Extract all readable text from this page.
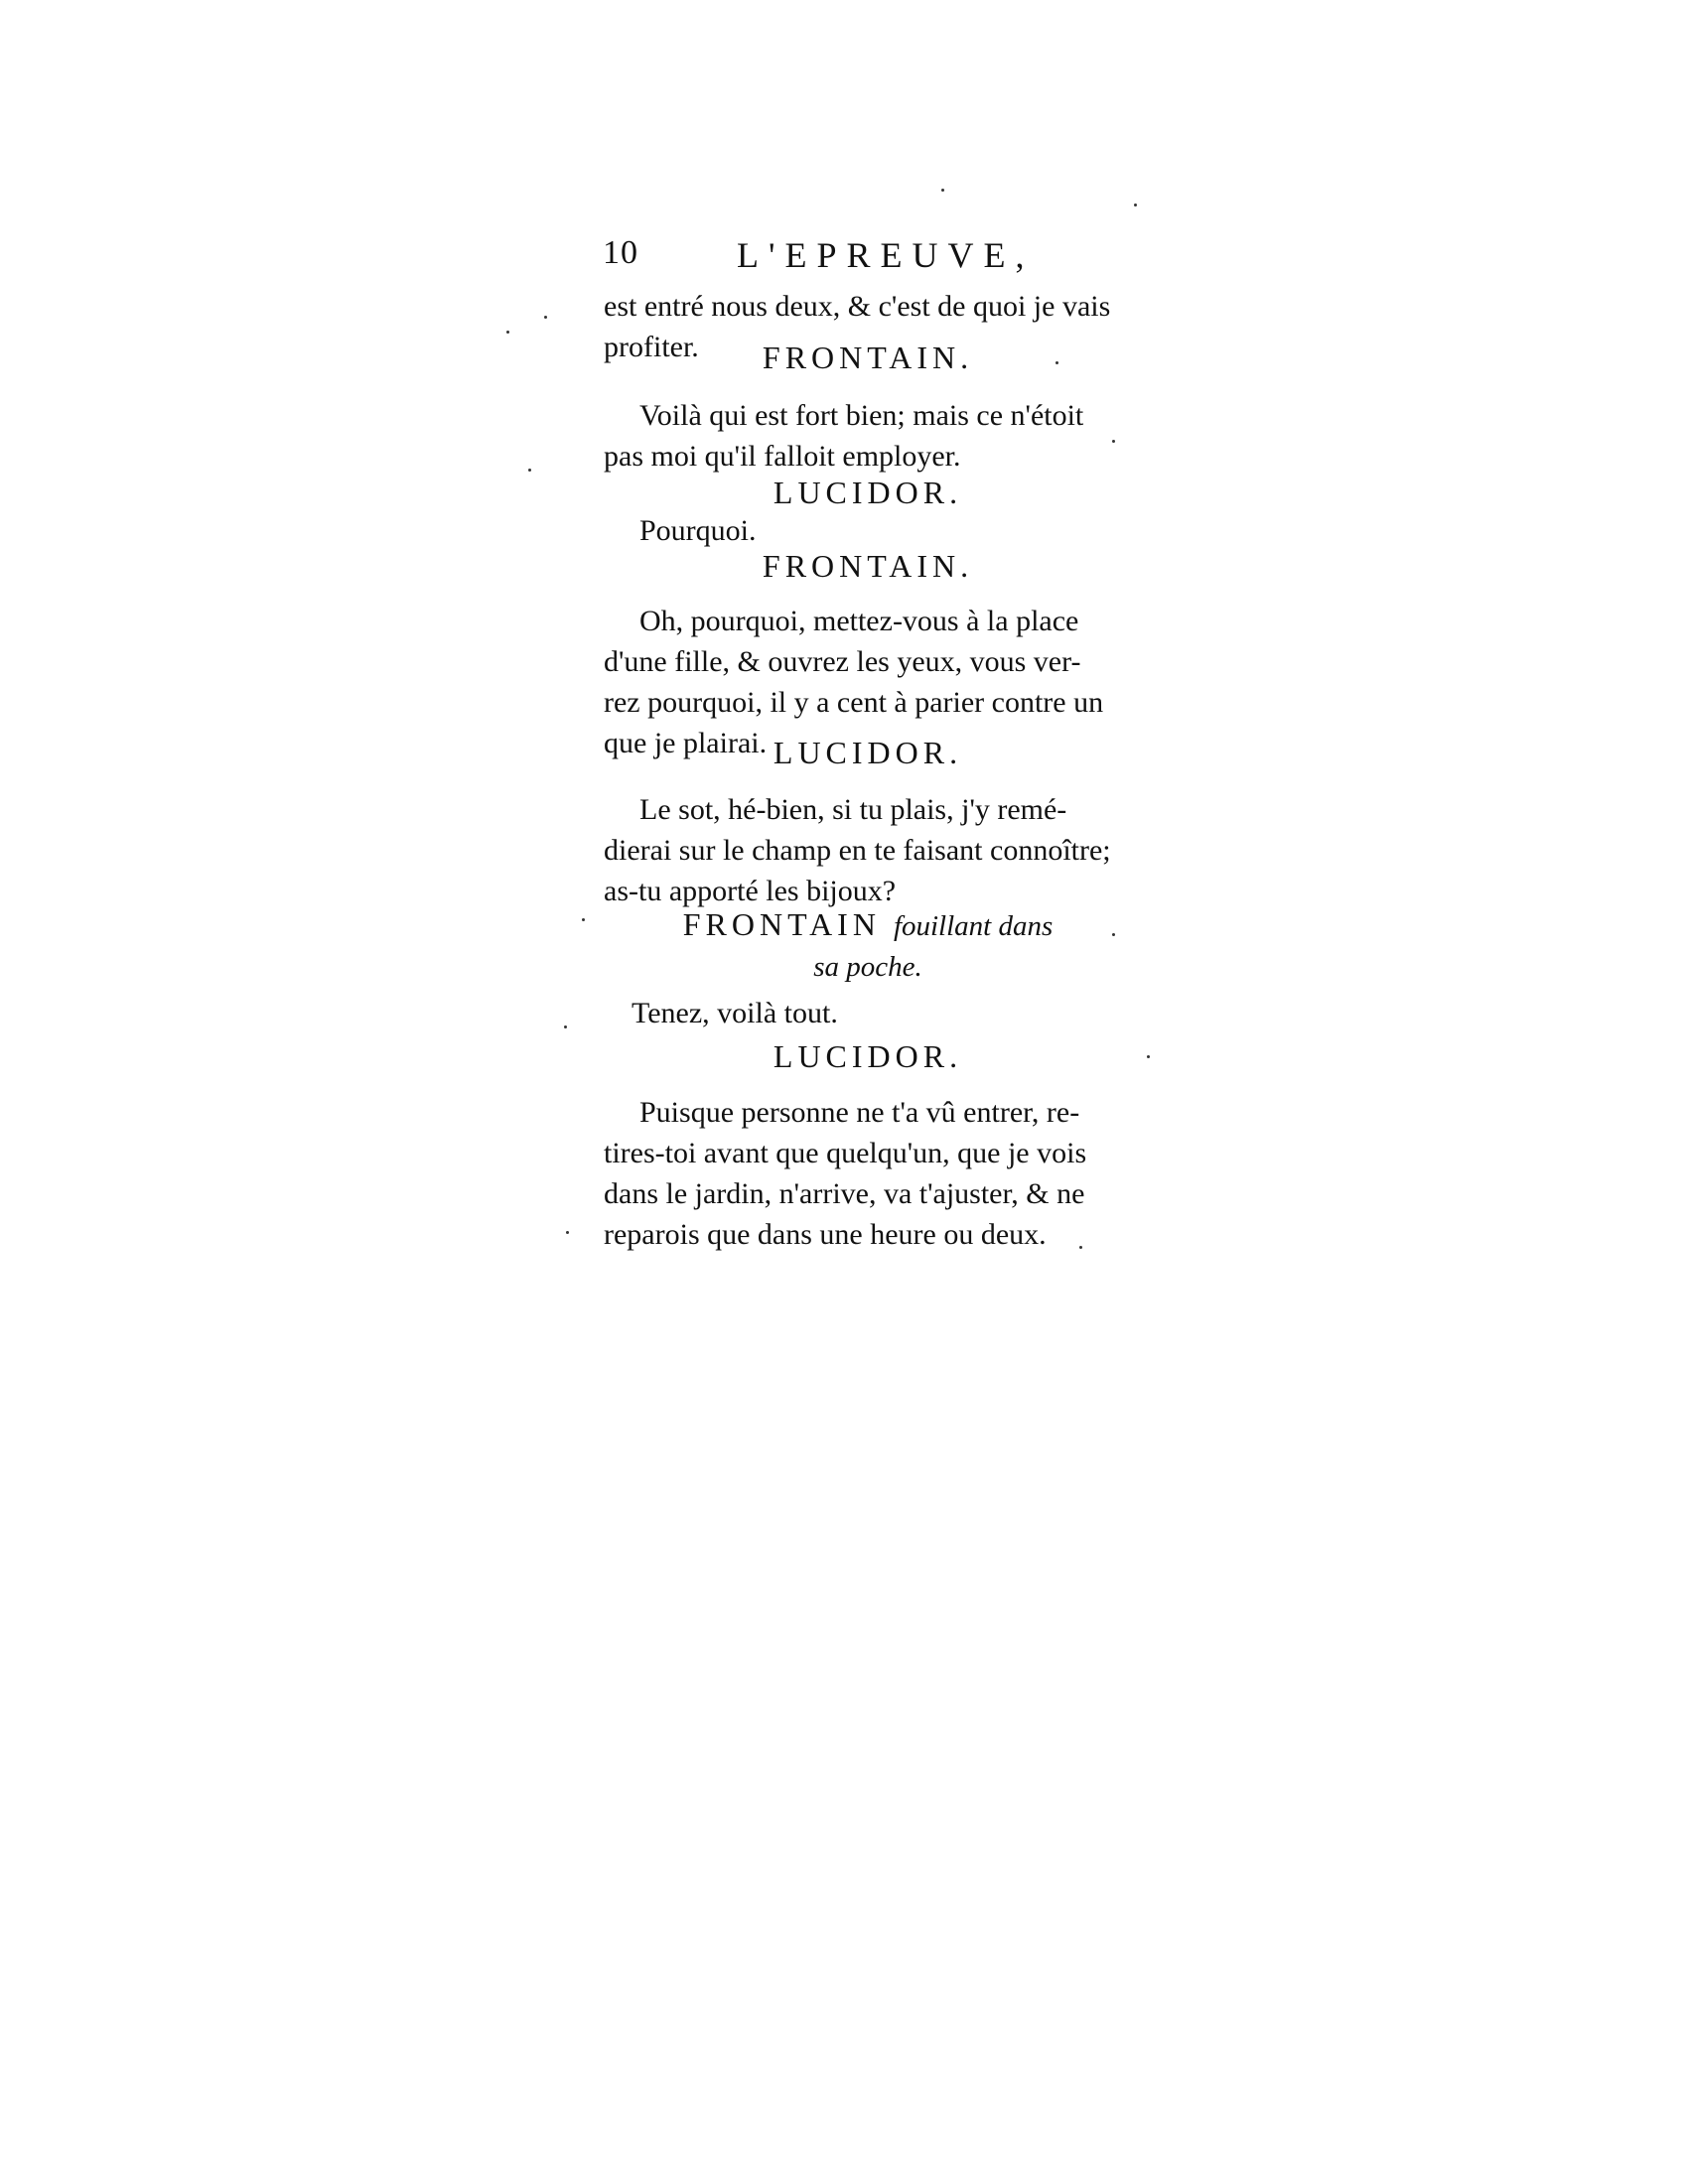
10	L'EPREUVE,
est entré nous deux, & c'est de quoi je vais
profiter.	FRONTAIN.
Voilà qui est fort bien; mais ce n'étoit
pas moi qu'il falloit employer.
LUCIDOR.
Pourquoi.
FRONTAIN.
Oh, pourquoi, mettez-vous à la place
d'une fille, & ouvrez les yeux, vous ver-
rez pourquoi, il y a cent à parier contre un
que je plairai. LUCIDOR.
Le sot, hé-bien, si tu plais, j'y remé-
dierai sur le champ en te faisant connoître;
as-tu apporté les bijoux?
FRONTAIN fouillant dans
sa poche.
Tenez, voilà tout.
LUCIDOR.
Puisque personne ne t'a vû entrer, re-
tires-toi avant que quelqu'un, que je vois
dans le jardin, n'arrive, va t'ajuster, & ne
reparois que dans une heure ou deux.
